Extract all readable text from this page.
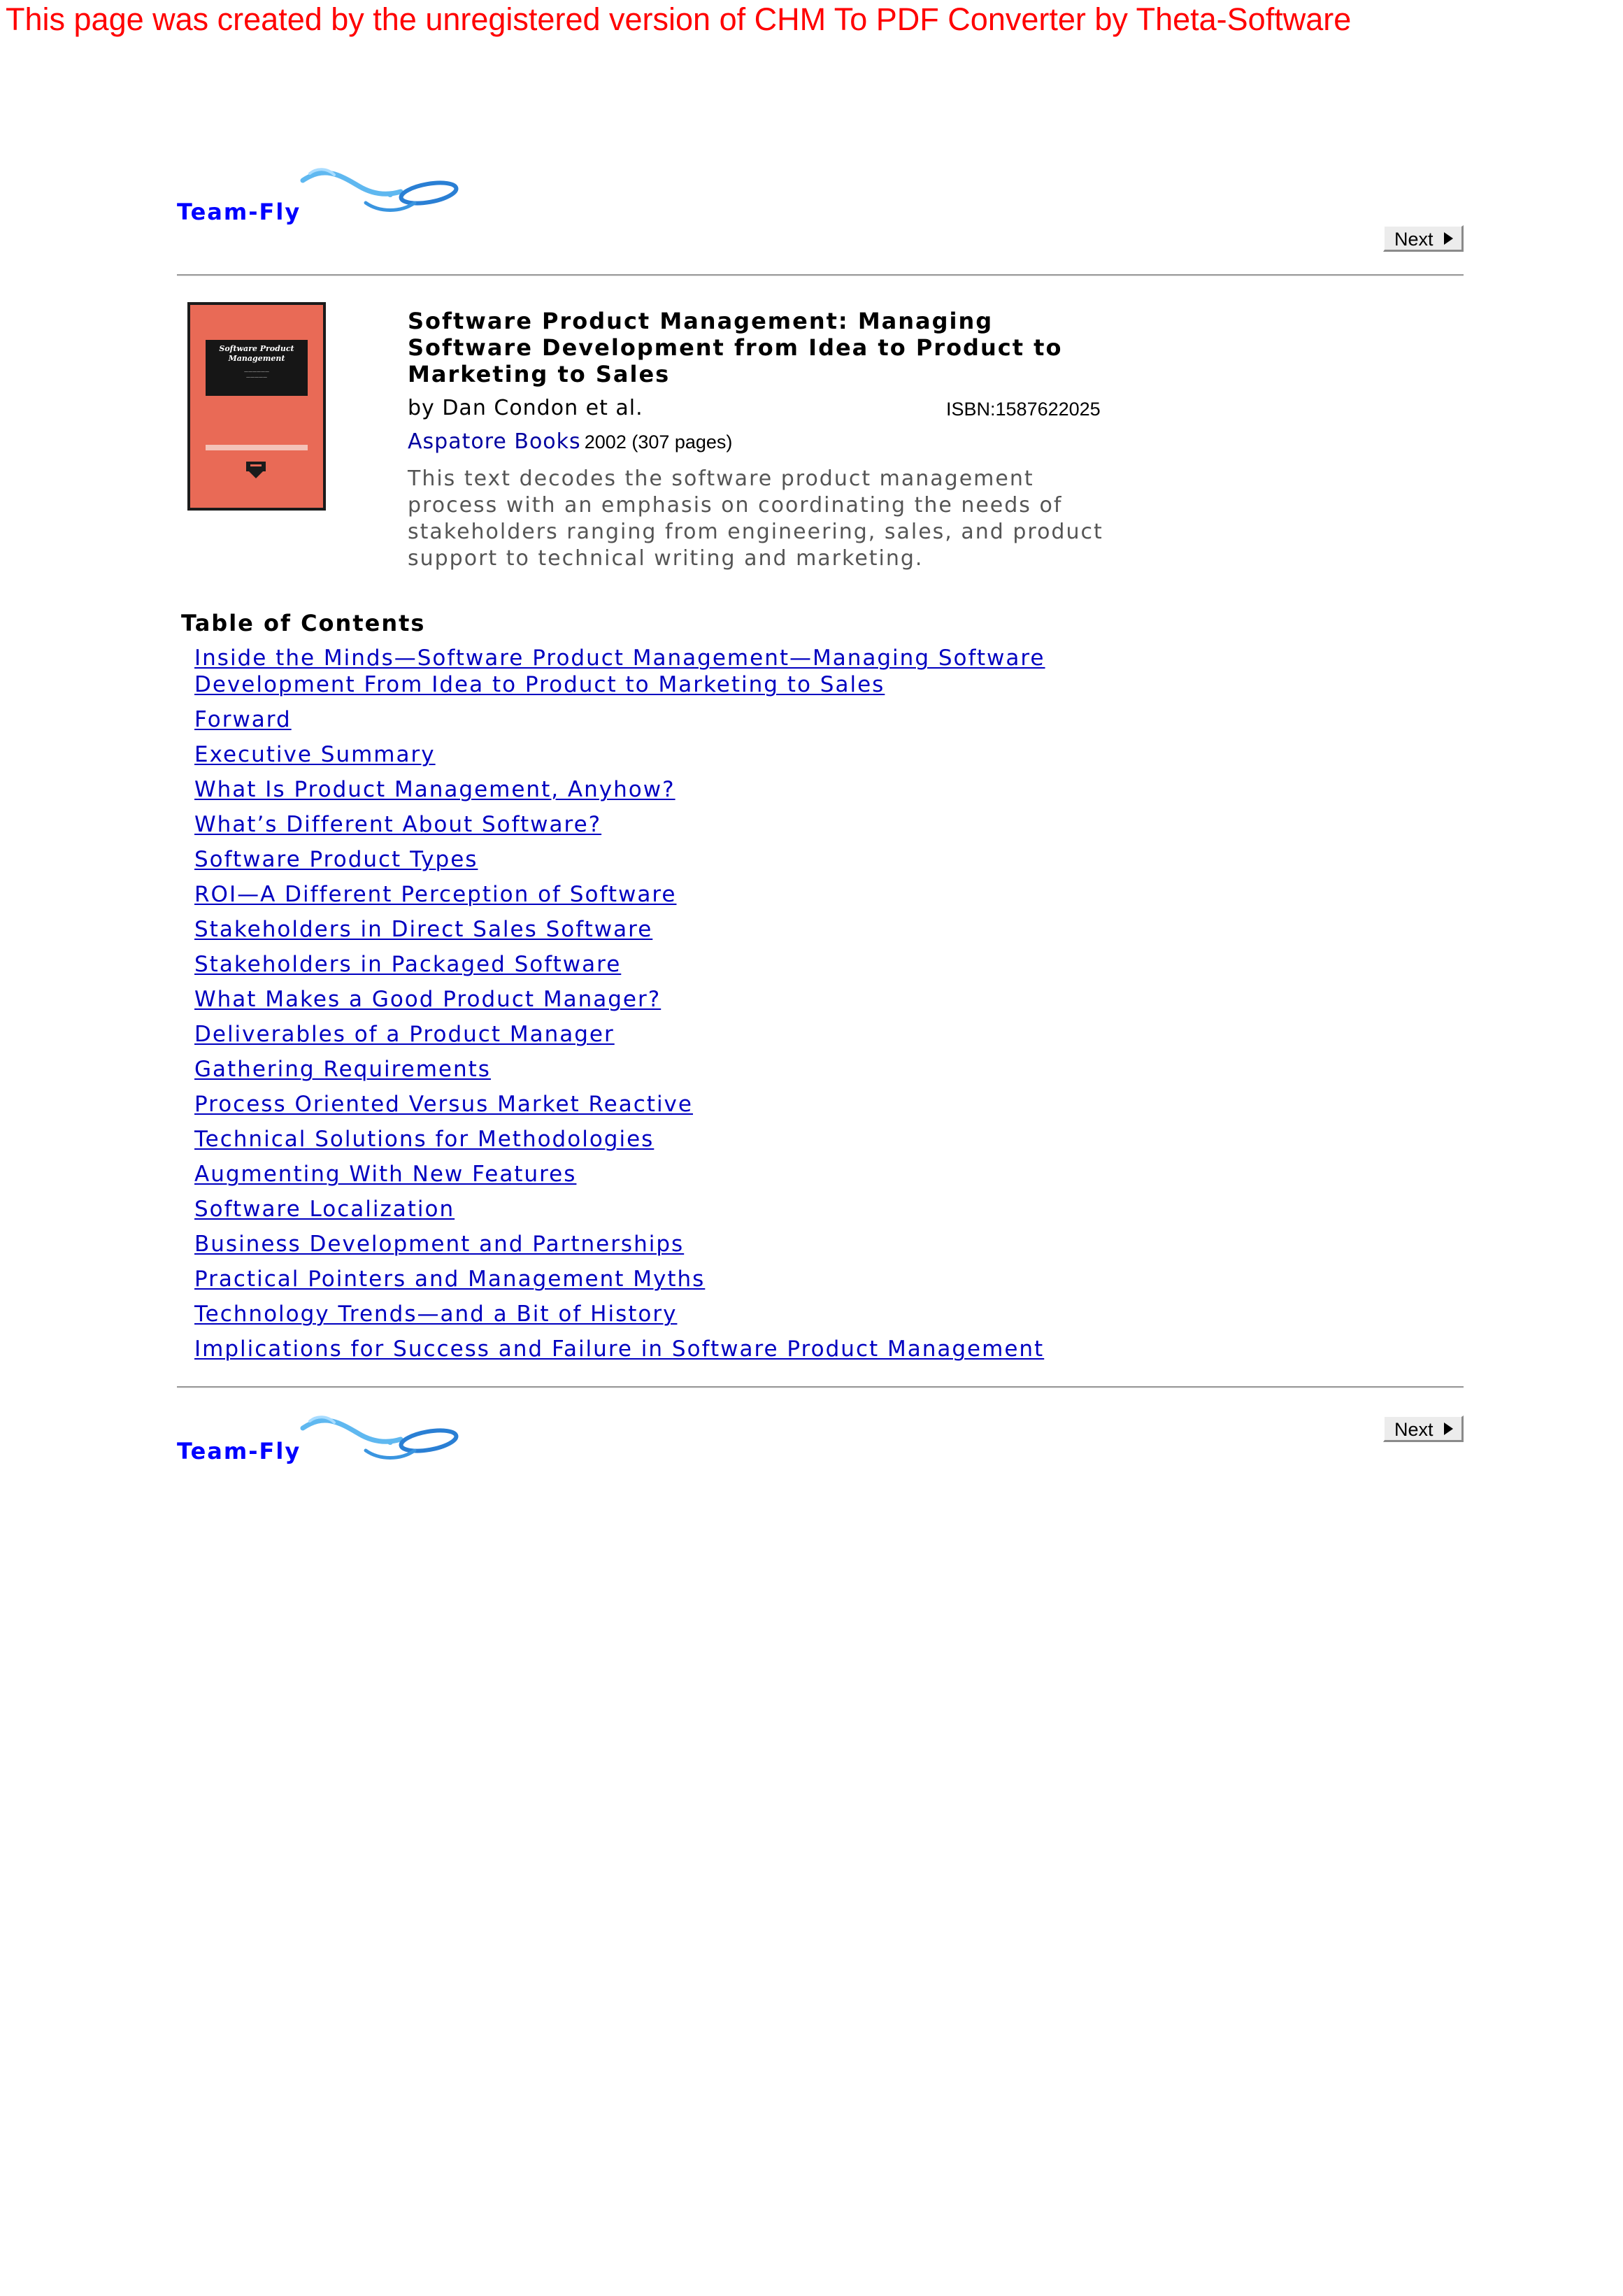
This page was created by the unregistered version of CHM To PDF Converter by Theta-Software

Team-Fly
Next
Software Product Management
——————
—————
Software Product Management: Managing Software Development from Idea to Product to Marketing to Sales
by Dan Condon et al.	ISBN:1587622025
Aspatore Books 2002 (307 pages)
This text decodes the software product management process with an emphasis on coordinating the needs of stakeholders ranging from engineering, sales, and product support to technical writing and marketing.
Table of Contents
Inside the Minds—Software Product Management—Managing Software Development From Idea to Product to Marketing to Sales
Forward
Executive Summary
What Is Product Management, Anyhow?
What’s Different About Software?
Software Product Types
ROI—A Different Perception of Software
Stakeholders in Direct Sales Software
Stakeholders in Packaged Software
What Makes a Good Product Manager?
Deliverables of a Product Manager
Gathering Requirements
Process Oriented Versus Market Reactive
Technical Solutions for Methodologies
Augmenting With New Features
Software Localization
Business Development and Partnerships
Practical Pointers and Management Myths
Technology Trends—and a Bit of History
Implications for Success and Failure in Software Product Management
Team-Fly
Next
